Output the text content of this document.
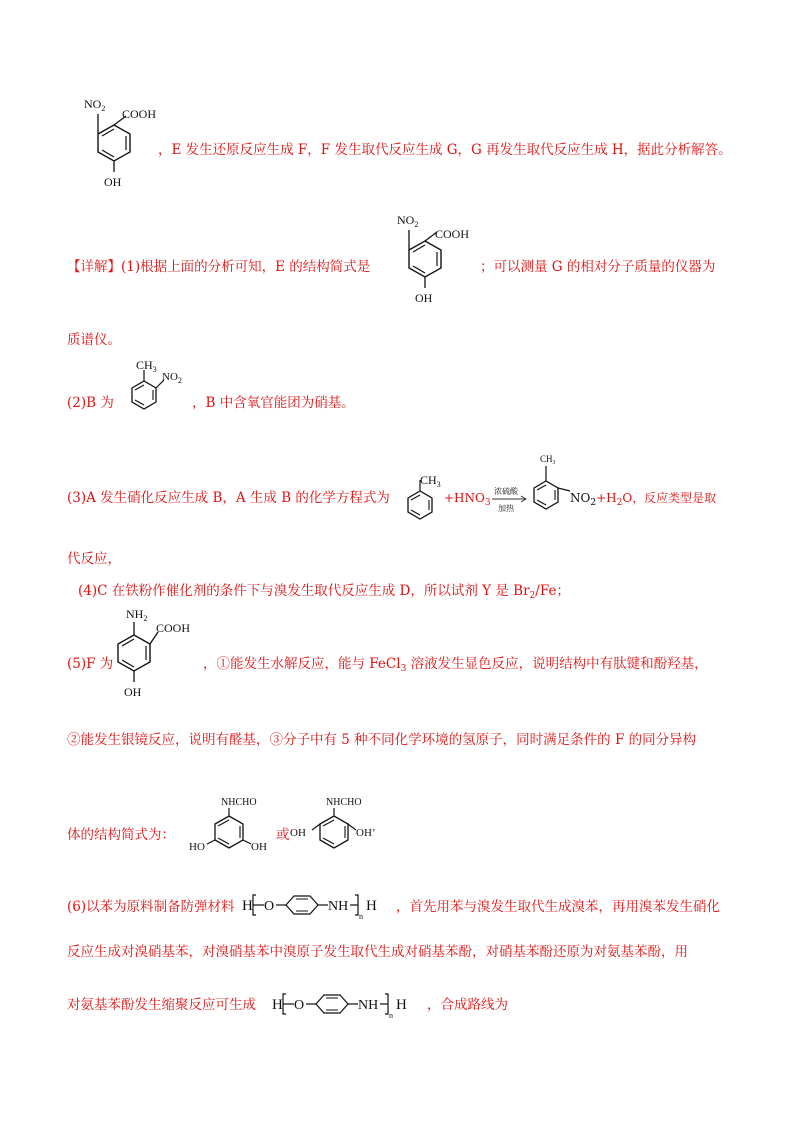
$NO_2$ COOH
OH
，E 发生还原反应生成 F，F 发生取代反应生成 G，G 再发生取代反应生成 H，据此分析解答。
【详解】(1)根据上面的分析可知，E 的结构简式是
$NO_2$
COOH
OH
；可以测量 G 的相对分子质量的仪器为
质谱仪。
(2)B 为
$CH_3$
$NO_2$
，B 中含氧官能团为硝基。
(3)A 发生硝化反应生成 B，A 生成 B 的化学方程式为
$CH_3$
$+HNO_3$
浓硫酸
加热
$CH_3$
$NO_2+H_2O$，反应类型是取
代反应，
(4)C 在铁粉作催化剂的条件下与溴发生取代反应生成 D，所以试剂 Y 是 $Br_2/Fe$；
(5)F 为
$NH_2$
COOH
OH
，①能发生水解反应，能与 FeCl$_3$ 溶液发生显色反应，说明结构中有肽键和酚羟基，
②能发生银镜反应，说明有醛基，③分子中有 5 种不同化学环境的氢原子，同时满足条件的 F 的同分异构
体的结构简式为：
NHCHO
HO	OH
或
NHCHO
OH	OH’
(6)以苯为原料制备防弹材料 H O	NH
n
H ，首先用苯与溴发生取代生成溴苯，再用溴苯发生硝化
反应生成对溴硝基苯，对溴硝基苯中溴原子发生取代生成对硝基苯酚，对硝基苯酚还原为对氨基苯酚，用
对氨基苯酚发生缩聚反应可生成 H O	NH
n
H ，合成路线为
